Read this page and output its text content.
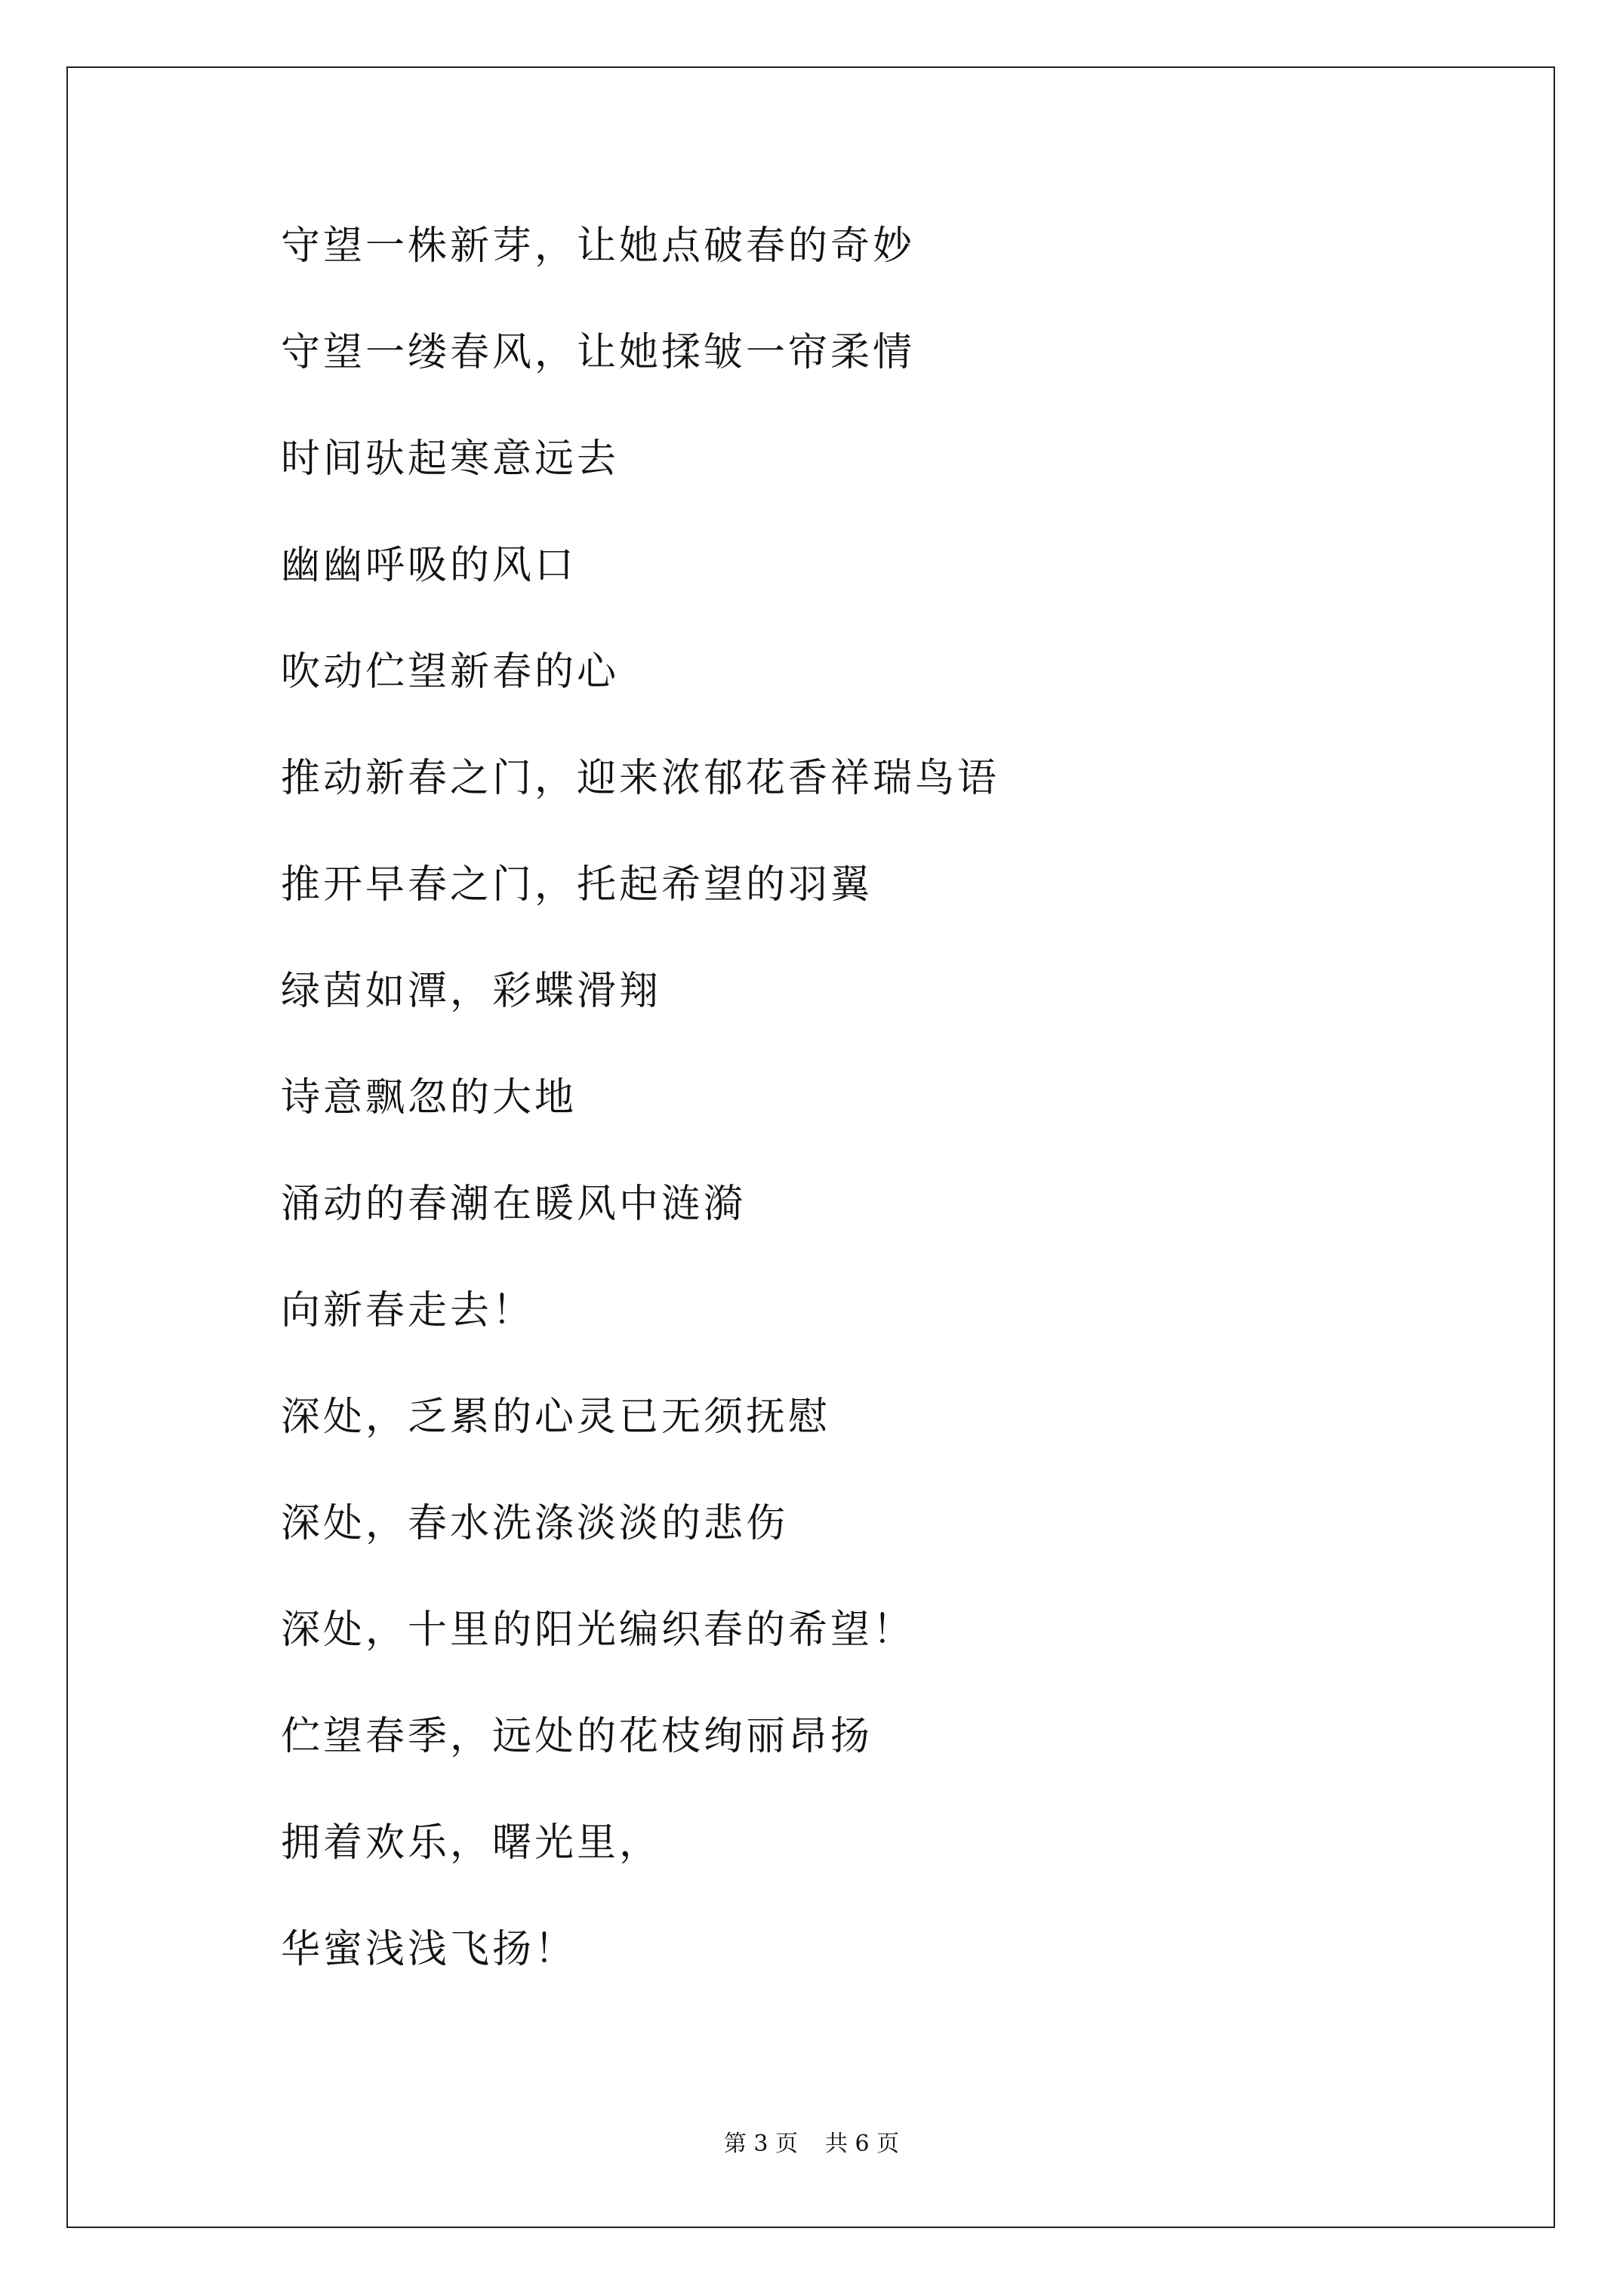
守望一株新芽，让她点破春的奇妙
守望一缕春风，让她揉皱一帘柔情
时间驮起寒意远去
幽幽呼吸的风口
吹动伫望新春的心
推动新春之门，迎来浓郁花香祥瑞鸟语
推开早春之门，托起希望的羽翼
绿茵如潭，彩蝶滑翔
诗意飘忽的大地
涌动的春潮在暖风中涟漪
向新春走去！
深处，乏累的心灵已无须抚慰
深处，春水洗涤淡淡的悲伤
深处，十里的阳光编织春的希望！
伫望春季，远处的花枝绚丽昂扬
拥着欢乐，曙光里，
华蜜浅浅飞扬！
第 3 页 共 6 页
